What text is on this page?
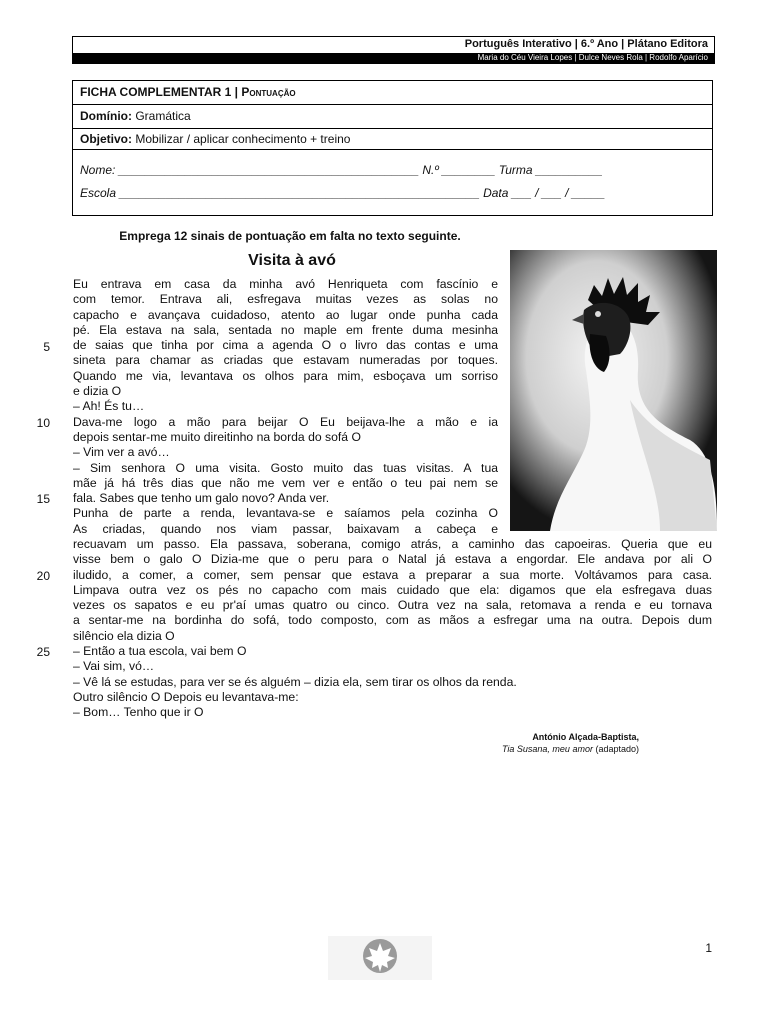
Português Interativo | 6.º Ano | Plátano Editora
Maria do Céu Vieira Lopes | Dulce Neves Rola | Rodolfo Aparício
FICHA COMPLEMENTAR 1 | Pontuação
Domínio: Gramática
Objetivo: Mobilizar / aplicar conhecimento + treino
Nome: _____________________________________________ N.º ________ Turma __________
Escola ______________________________________________________ Data ___ / ___ / _____
Emprega 12 sinais de pontuação em falta no texto seguinte.
Visita à avó
Eu entrava em casa da minha avó Henriqueta com fascínio e
com temor. Entrava ali, esfregava muitas vezes as solas no
capacho e avançava cuidadoso, atento ao lugar onde punha cada
pé. Ela estava na sala, sentada no maple em frente duma mesinha
de saias que tinha por cima a agenda O o livro das contas e uma
sineta para chamar as criadas que estavam numeradas por toques.
Quando me via, levantava os olhos para mim, esboçava um sorriso
e dizia O
– Ah! És tu…
Dava-me logo a mão para beijar O Eu beijava-lhe a mão e ia
depois sentar-me muito direitinho na borda do sofá O
– Vim ver a avó…
– Sim senhora O uma visita. Gosto muito das tuas visitas. A tua
mãe já há três dias que não me vem ver e então o teu pai nem se
fala. Sabes que tenho um galo novo? Anda ver.
Punha de parte a renda, levantava-se e saíamos pela cozinha O
As criadas, quando nos viam passar, baixavam a cabeça e
recuavam um passo. Ela passava, soberana, comigo atrás, a caminho das capoeiras. Queria que eu
visse bem o galo O Dizia-me que o peru para o Natal já estava a engordar. Ele andava por ali O
iludido, a comer, a comer, sem pensar que estava a preparar a sua morte. Voltávamos para casa.
Limpava outra vez os pés no capacho com mais cuidado que ela: digamos que ela esfregava duas
vezes os sapatos e eu pr'aí umas quatro ou cinco. Outra vez na sala, retomava a renda e eu tornava
a sentar-me na bordinha do sofá, todo composto, com as mãos a esfregar uma na outra. Depois dum
silêncio ela dizia O
– Então a tua escola, vai bem O
– Vai sim, vó…
– Vê lá se estudas, para ver se és alguém – dizia ela, sem tirar os olhos da renda.
Outro silêncio O Depois eu levantava-me:
– Bom… Tenho que ir O
5
10
15
20
25
António Alçada-Baptista,
Tia Susana, meu amor (adaptado)
1
